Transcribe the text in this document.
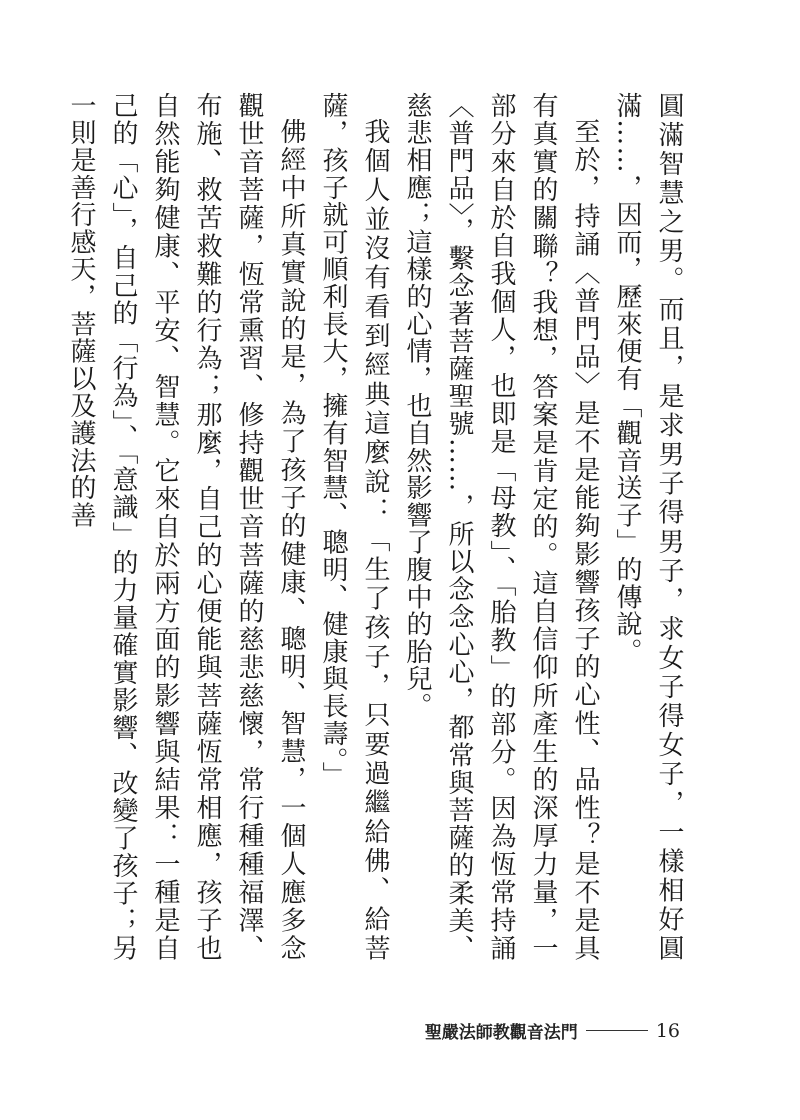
圓滿智慧之男。而且，是求男子得男子，求女子得女子，一樣相好圓滿……，因而，歷來便有「觀音送子」的傳說。

至於，持誦〈普門品〉是不是能夠影響孩子的心性、品性？是不是具有真實的關聯？我想，答案是肯定的。這自信仰所產生的深厚力量，一部分來自於自我個人，也即是「母教」、「胎教」的部分。因為恆常持誦〈普門品〉，繫念著菩薩聖號……，所以念念心心，都常與菩薩的柔美、慈悲相應；這樣的心情，也自然影響了腹中的胎兒。

我個人並沒有看到經典這麼說：「生了孩子，只要過繼給佛、給菩薩，孩子就可順利長大，擁有智慧、聰明、健康與長壽。」

佛經中所真實說的是，為了孩子的健康、聰明、智慧，一個人應多念觀世音菩薩，恆常熏習、修持觀世音菩薩的慈悲慈懷，常行種種福澤、布施、救苦救難的行為；那麼，自己的心便能與菩薩恆常相應，孩子也自然能夠健康、平安、智慧。它來自於兩方面的影響與結果：一種是自己的「心」，自己的「行為」、「意識」的力量確實影響、改變了孩子；另一則是善行感天，菩薩以及護法的善

聖嚴法師教觀音法門	16
